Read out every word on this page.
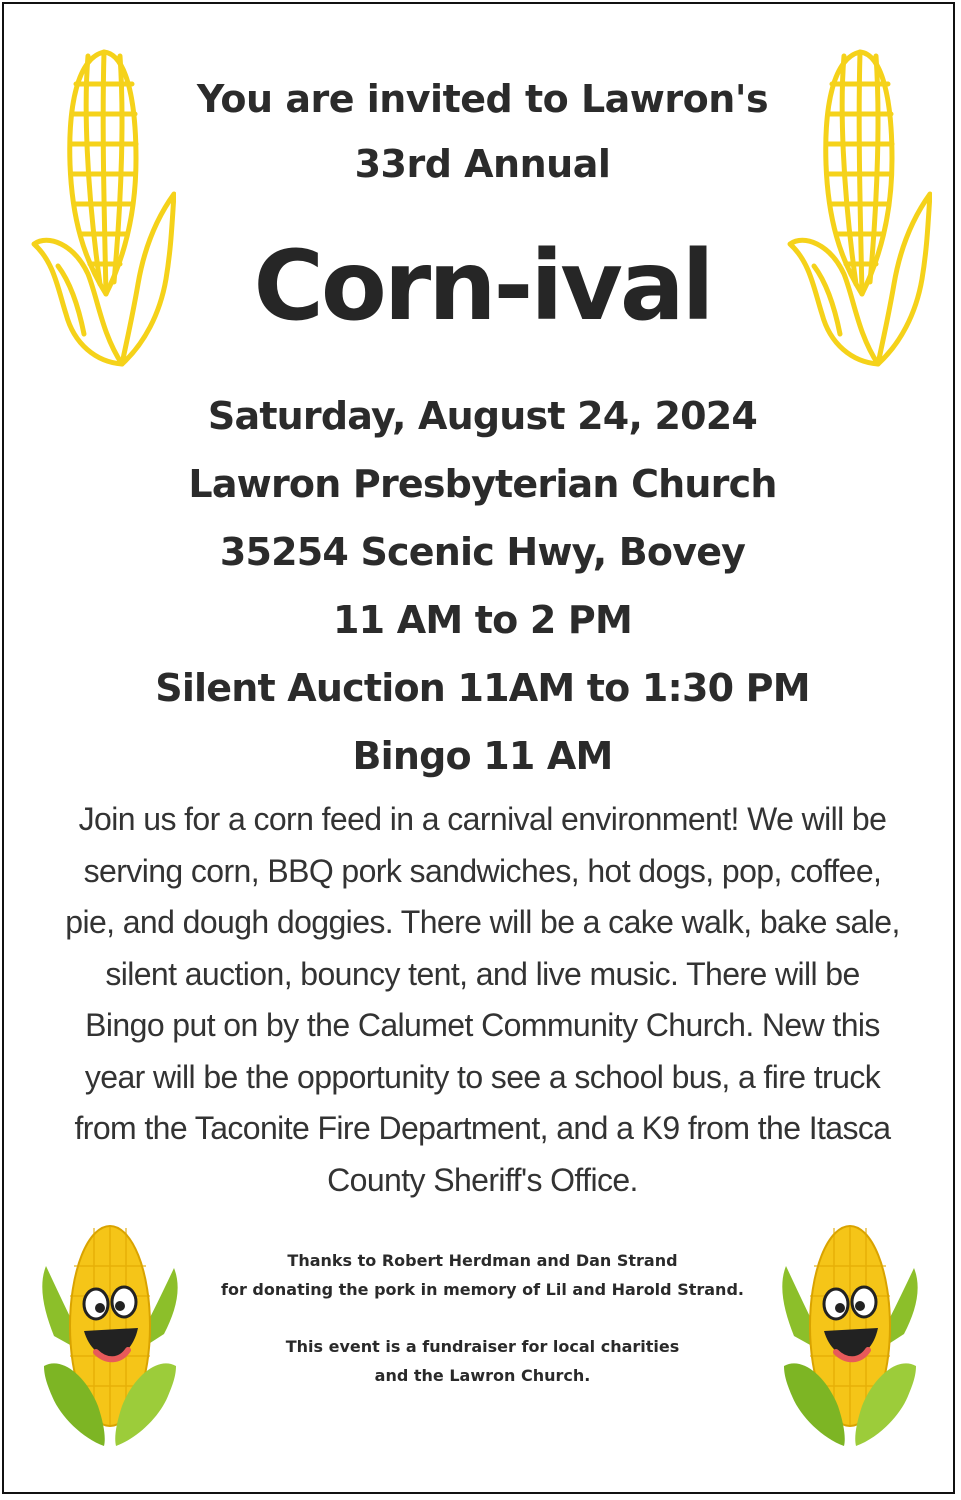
You are invited to Lawron's
33rd Annual
Corn-ival
Saturday, August 24, 2024
Lawron Presbyterian Church
35254 Scenic Hwy, Bovey
11 AM to 2 PM
Silent Auction 11AM to 1:30 PM
Bingo 11 AM
Join us for a corn feed in a carnival environment! We will be
serving corn, BBQ pork sandwiches, hot dogs, pop, coffee,
pie, and dough doggies. There will be a cake walk, bake sale,
silent auction, bouncy tent, and live music. There will be
Bingo put on by the Calumet Community Church. New this
year will be the opportunity to see a school bus, a fire truck
from the Taconite Fire Department, and a K9 from the Itasca
County Sheriff's Office.
Thanks to Robert Herdman and Dan Strand
for donating the pork in memory of Lil and Harold Strand.
This event is a fundraiser for local charities
and the Lawron Church.
